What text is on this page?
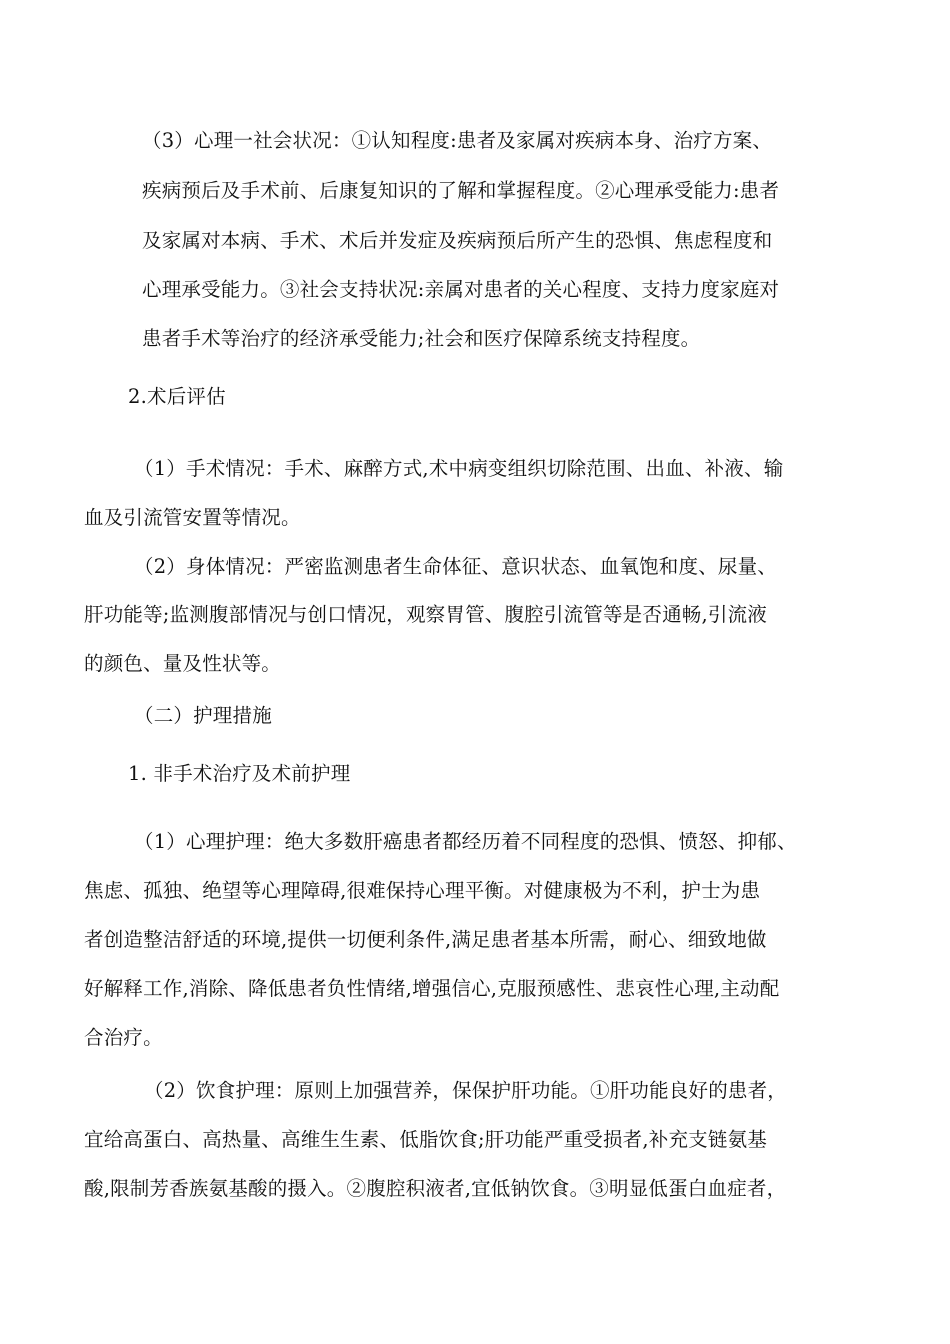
（3）心理一社会状况：①认知程度:患者及家属对疾病本身、治疗方案、
疾病预后及手术前、后康复知识的了解和掌握程度。②心理承受能力:患者
及家属对本病、手术、术后并发症及疾病预后所产生的恐惧、焦虑程度和
心理承受能力。③社会支持状况:亲属对患者的关心程度、支持力度家庭对
患者手术等治疗的经济承受能力;社会和医疗保障系统支持程度。
2.术后评估
（1）手术情况：手术、麻醉方式,术中病变组织切除范围、出血、补液、输
血及引流管安置等情况。
（2）身体情况：严密监测患者生命体征、意识状态、血氧饱和度、尿量、
肝功能等;监测腹部情况与创口情况，观察胃管、腹腔引流管等是否通畅,引流液
的颜色、量及性状等。
（二）护理措施
1. 非手术治疗及术前护理
（1）心理护理：绝大多数肝癌患者都经历着不同程度的恐惧、愤怒、抑郁、
焦虑、孤独、绝望等心理障碍,很难保持心理平衡。对健康极为不利，护士为患
者创造整洁舒适的环境,提供一切便利条件,满足患者基本所需，耐心、细致地做
好解释工作,消除、降低患者负性情绪,增强信心,克服预感性、悲哀性心理,主动配
合治疗。
（2）饮食护理：原则上加强营养，保保护肝功能。①肝功能良好的患者，
宜给高蛋白、高热量、高维生生素、低脂饮食;肝功能严重受损者,补充支链氨基
酸,限制芳香族氨基酸的摄入。②腹腔积液者,宜低钠饮食。③明显低蛋白血症者，
